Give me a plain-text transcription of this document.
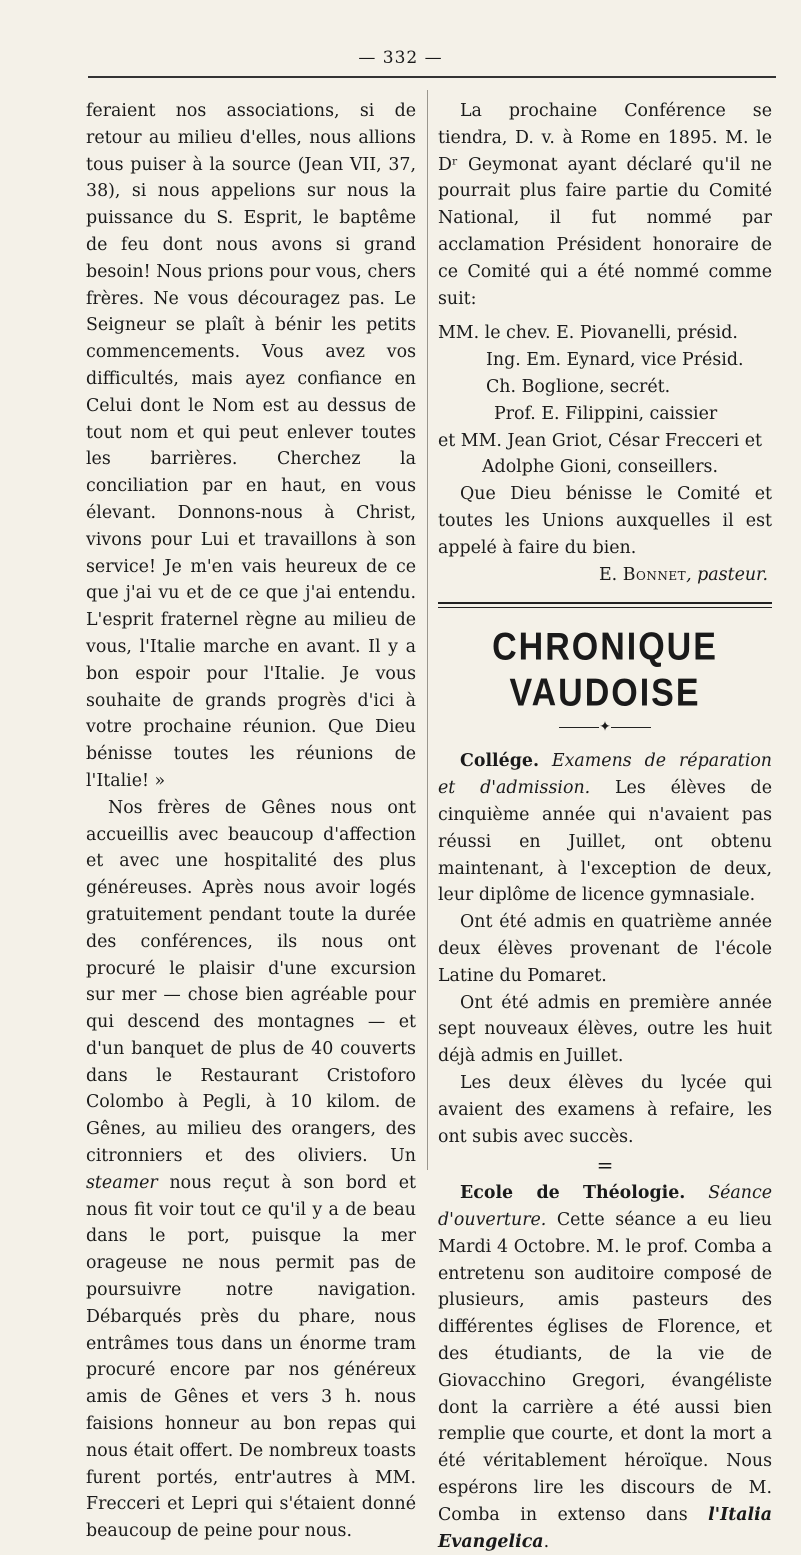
— 332 —

feraient nos associations, si de retour au milieu d'elles, nous allions tous puiser à la source (Jean VII, 37, 38), si nous appelions sur nous la puissance du S. Esprit, le baptême de feu dont nous avons si grand besoin! Nous prions pour vous, chers frères. Ne vous découragez pas. Le Seigneur se plaît à bénir les petits commencements. Vous avez vos difficultés, mais ayez confiance en Celui dont le Nom est au dessus de tout nom et qui peut enlever toutes les barrières. Cherchez la conciliation par en haut, en vous élevant. Donnons-nous à Christ, vivons pour Lui et travaillons à son service! Je m'en vais heureux de ce que j'ai vu et de ce que j'ai entendu. L'esprit fraternel règne au milieu de vous, l'Italie marche en avant. Il y a bon espoir pour l'Italie. Je vous souhaite de grands progrès d'ici à votre prochaine réunion. Que Dieu bénisse toutes les réunions de l'Italie! »

Nos frères de Gênes nous ont accueillis avec beaucoup d'affection et avec une hospitalité des plus généreuses. Après nous avoir logés gratuitement pendant toute la durée des conférences, ils nous ont procuré le plaisir d'une excursion sur mer — chose bien agréable pour qui descend des montagnes — et d'un banquet de plus de 40 couverts dans le Restaurant Cristoforo Colombo à Pegli, à 10 kilom. de Gênes, au milieu des orangers, des citronniers et des oliviers. Un steamer nous reçut à son bord et nous fit voir tout ce qu'il y a de beau dans le port, puisque la mer orageuse ne nous permit pas de poursuivre notre navigation. Débarqués près du phare, nous entrâmes tous dans un énorme tram procuré encore par nos généreux amis de Gênes et vers 3 h. nous faisions honneur au bon repas qui nous était offert. De nombreux toasts furent portés, entr'autres à MM. Frecceri et Lepri qui s'étaient donné beaucoup de peine pour nous.

La prochaine Conférence se tiendra, D. v. à Rome en 1895. M. le Dʳ Geymonat ayant déclaré qu'il ne pourrait plus faire partie du Comité National, il fut nommé par acclamation Président honoraire de ce Comité qui a été nommé comme suit:

MM. le chev. E. Piovanelli, présid.
Ing. Em. Eynard, vice Présid.
Ch. Boglione, secrét.
Prof. E. Filippini, caissier
et MM. Jean Griot, César Frecceri et
Adolphe Gioni, conseillers.

Que Dieu bénisse le Comité et toutes les Unions auxquelles il est appelé à faire du bien.

E. Bonnet, pasteur.
CHRONIQUE VAUDOISE
✦

Collége. Examens de réparation et d'admission. Les élèves de cinquième année qui n'avaient pas réussi en Juillet, ont obtenu maintenant, à l'exception de deux, leur diplôme de licence gymnasiale.

Ont été admis en quatrième année deux élèves provenant de l'école Latine du Pomaret.

Ont été admis en première année sept nouveaux élèves, outre les huit déjà admis en Juillet.

Les deux élèves du lycée qui avaient des examens à refaire, les ont subis avec succès.

=

Ecole de Théologie. Séance d'ouverture. Cette séance a eu lieu Mardi 4 Octobre. M. le prof. Comba a entretenu son auditoire composé de plusieurs, amis pasteurs des différentes églises de Florence, et des étudiants, de la vie de Giovacchino Gregori, évangéliste dont la carrière a été aussi bien remplie que courte, et dont la mort a été véritablement héroïque. Nous espérons lire les discours de M. Comba in extenso dans l'Italia Evangelica.
